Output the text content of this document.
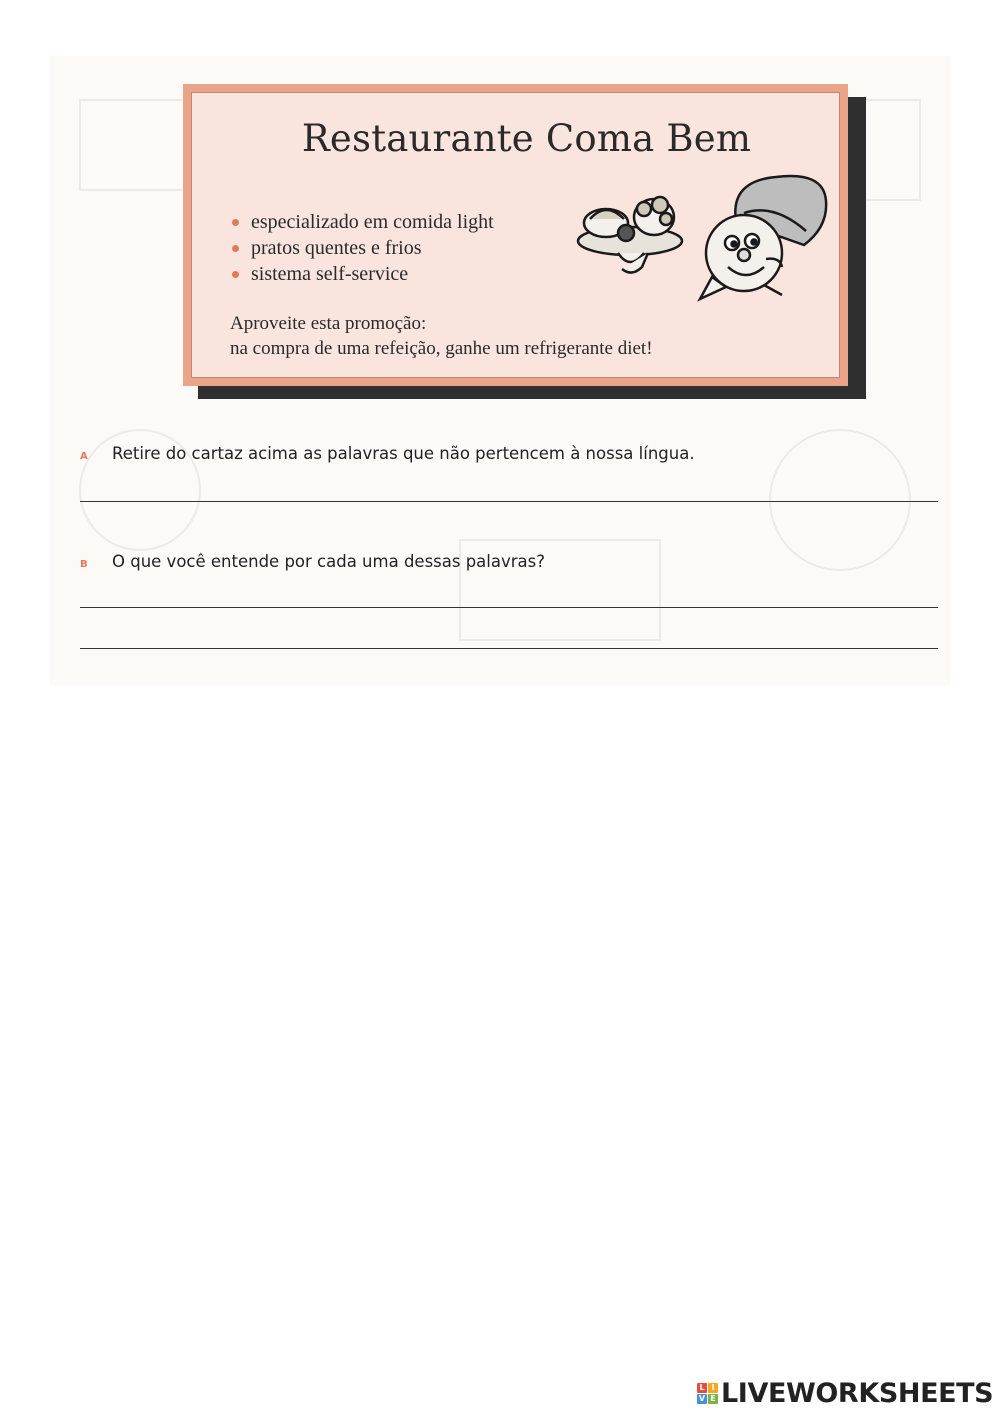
Restaurante Coma Bem
especializado em comida light
pratos quentes e frios
sistema self-service
Aproveite esta promoção:
na compra de uma refeição, ganhe um refrigerante diet!
A	Retire do cartaz acima as palavras que não pertencem à nossa língua.
B	O que você entende por cada uma dessas palavras?
L I
V E LIVEWORKSHEETS
